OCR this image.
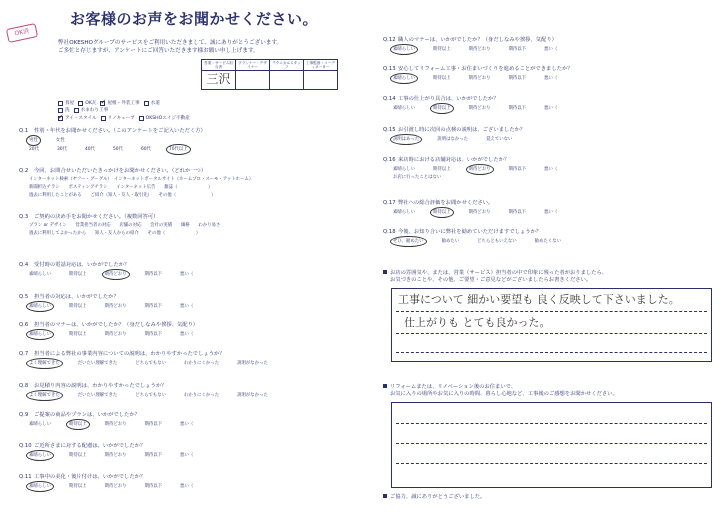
お客様のお声をお聞かせください。
OK済
弊社OKESHOグループのサービスをご利用いただきまして、誠にありがとうございます。
ご多忙と存じますが、アンケートにご回答いただきます様お願い申し上げます。
営業・サービス担当者	プランナー・デザイナー	テクニカルスタッフ	工事監督・コーディネーター
三沢			
葺屋 OK瓦 ✓ 屋根・外装工事 水道
洗 水まわり工事
✓
アイ・スタイル リノキューブ OKSHOエイジ不動産
Q.1 性別・年代をお聞かせください。（このアンケートをご記入いただく方）
男性	女性
20代	30代	40代	50代	60代	70代以上
Q.2 今回、お問合せいただいたきっかけをお聞かせください。（どれか一つ）
インターネット検索（ヤフー・グーグル）　インターネットポータルサイト（ホームプロ・スーモ・アットホーム）
新聞折込チラシ　　ポスティングチラシ　　インターネット広告　　雑誌（　　　　　　　）
過去に利用したことがある　　ご紹介（知人・友人・取引先）　　その他（　　　　　　　　）
Q.3 ご契約の決め手をお聞かせください。（複数回答可）
プラン or デザイン　　営業担当者の対応　　店舗の対応　　会社の実績　　価格　　わかり易さ
過去に利用してよかったから　　知人・友人からの紹介　　その他（　　　　　　　）
Q.4 受付時の電話対応は、いかがでしたか？
素晴らしい	期待以上	期待どおり	期待以下	悪い（
Q.5 担当者の対応は、いかがでしたか？
素晴らしい	期待以上	期待どおり	期待以下	悪い（
Q.6 担当者のマナーは、いかがでしたか？（身だしなみや挨拶、気配り）
素晴らしい	期待以上	期待どおり	期待以下	悪い（
Q.7 担当者による弊社の事業内容についての説明は、わかりやすかったでしょうか？
よく理解できた	だいたい理解できた	どちらでもない	わかりにくかった	説明がなかった
Q.8 お見積り内容の説明は、わかりやすかったでしょうか？
よく理解できた	だいたい理解できた	どちらでもない	わかりにくかった	説明がなかった
Q.9 ご提案の商品やプランは、いかがでしたか？
素晴らしい	期待以上	期待どおり	期待以下	悪い（
Q.10 ご近所さまに対する配慮は、いかがでしたか？
素晴らしい	期待以上	期待どおり	期待以下	悪い（
Q.11 工事中の美化・後片付けは、いかがでしたか？
素晴らしい	期待以上	期待どおり	期待以下	悪い（
Q.12 職人のマナーは、いかがでしたか？（身だしなみや挨拶、気配り）
素晴らしい	期待以上	期待どおり	期待以下	悪い（
Q.13 安心してリフォーム工事・お住まいづくりを進めることができましたか？
素晴らしい	期待以上	期待どおり	期待以下	悪い（
Q.14 工事の仕上がり具合は、いかがでしたか？
素晴らしい	期待以上	期待どおり	期待以下	悪い（
Q.15 お引渡し時に次回の点検の説明は、ございましたか？
説明はあった	説明はなかった	覚えていない
Q.16 来店時における店舗対応は、いかがでしたか？
素晴らしい	期待以上	期待どおり	期待以下	悪い（
お店に行ったことはない
Q.17 弊社への総合評価をお聞かせください。
素晴らしい	期待以上	期待どおり	期待以下	悪い（
Q.18 今後、お知り合いに弊社を勧めていただけますでしょうか？
ぜひ、勧めたい	勧めたい	どちらともいえない	勧めたくない
お店の雰囲気や、または、営業（サービス）担当者の中で印象に残った者がおりましたら、
お気づきのことや、その他、ご要望・ご意見などがございましたらお書きください。
工事について 細かい要望も 良く反映して下さいました。
仕上がりも とても良かった。
リフォームまたは、リノベーション後のお住まいで、
お気に入りの場所やお気に入りの時間、暮らし心地など、工事後のご感想をお聞かせください。
ご協力、誠にありがとうございました。
